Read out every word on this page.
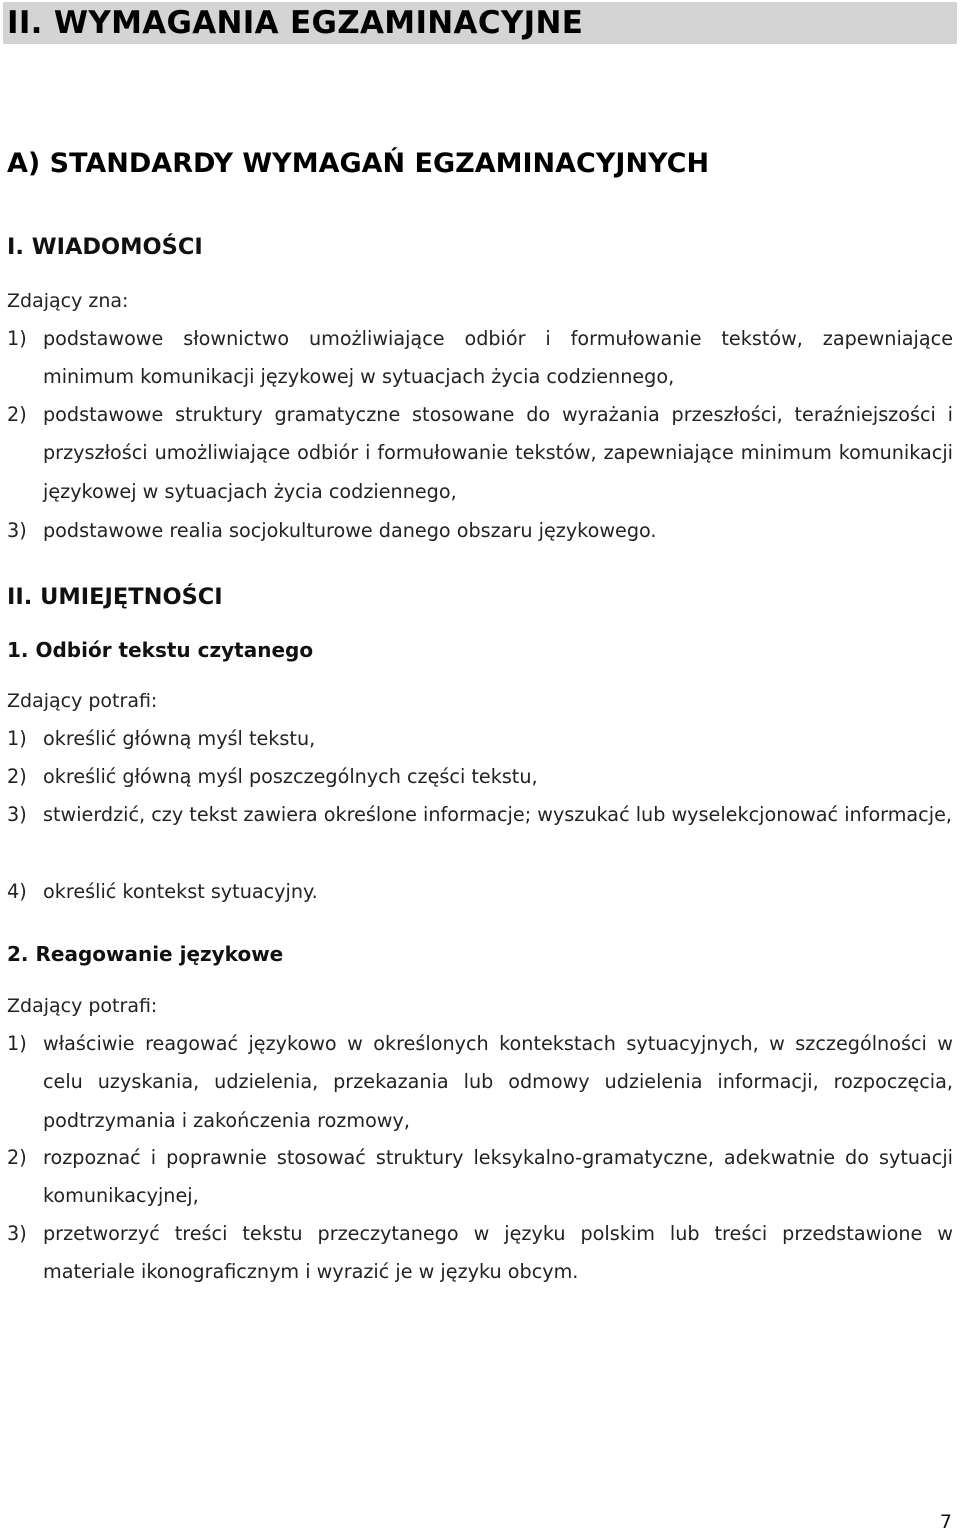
II. WYMAGANIA EGZAMINACYJNE
A) STANDARDY WYMAGAŃ EGZAMINACYJNYCH
I. WIADOMOŚCI
Zdający zna:
1) podstawowe słownictwo umożliwiające odbiór i formułowanie tekstów, zapewniające minimum komunikacji językowej w sytuacjach życia codziennego,
2) podstawowe struktury gramatyczne stosowane do wyrażania przeszłości, teraźniejszości i przyszłości umożliwiające odbiór i formułowanie tekstów, zapewniające minimum komunikacji językowej w sytuacjach życia codziennego,
3) podstawowe realia socjokulturowe danego obszaru językowego.
II. UMIEJĘTNOŚCI
1. Odbiór tekstu czytanego
Zdający potrafi:
1) określić główną myśl tekstu,
2) określić główną myśl poszczególnych części tekstu,
3) stwierdzić, czy tekst zawiera określone informacje; wyszukać lub wyselekcjonować informacje,
4) określić kontekst sytuacyjny.
2. Reagowanie językowe
Zdający potrafi:
1) właściwie reagować językowo w określonych kontekstach sytuacyjnych, w szczególności w celu uzyskania, udzielenia, przekazania lub odmowy udzielenia informacji, rozpoczęcia, podtrzymania i zakończenia rozmowy,
2) rozpoznać i poprawnie stosować struktury leksykalno-gramatyczne, adekwatnie do sytuacji komunikacyjnej,
3) przetworzyć treści tekstu przeczytanego w języku polskim lub treści przedstawione w materiale ikonograficznym i wyrazić je w języku obcym.
7
